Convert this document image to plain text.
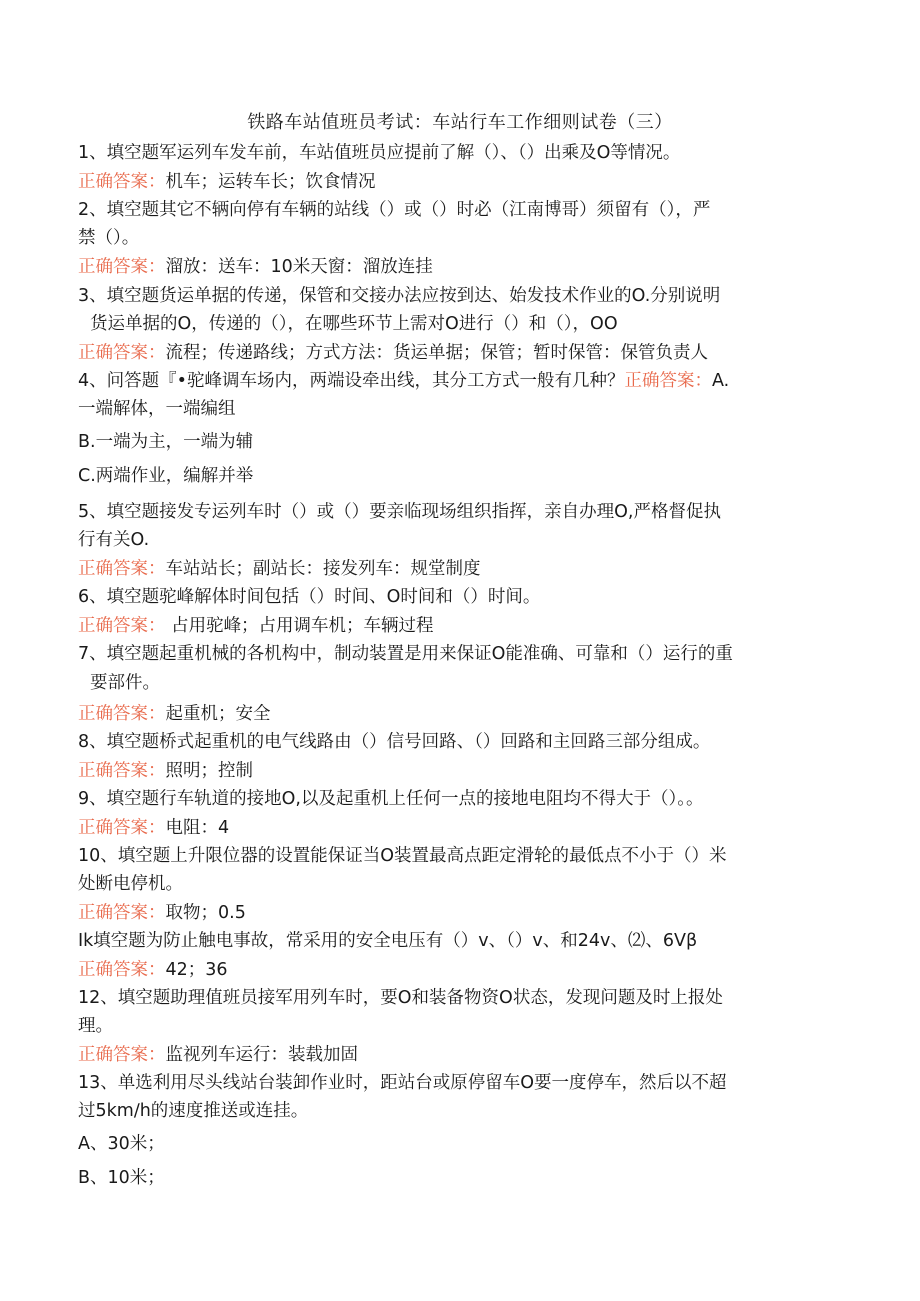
铁路车站值班员考试：车站行车工作细则试卷（三）
1、填空题军运列车发车前，车站值班员应提前了解（）、（）出乘及O等情况。
正确答案：机车；运转车长；饮食情况
2、填空题其它不辆向停有车辆的站线（）或（）时必（江南博哥）须留有（），严
禁（）。
正确答案：溜放：送车：10米天窗：溜放连挂
3、填空题货运单据的传递，保管和交接办法应按到达、始发技术作业的O.分别说明
货运单据的O，传递的（），在哪些环节上需对O进行（）和（），OO
正确答案：流程；传递路线；方式方法：货运单据；保管；暂时保管：保管负责人
4、问答题『•驼峰调车场内，两端设牵出线，其分工方式一般有几种？正确答案：A.
一端解体，一端编组
B.一端为主，一端为辅
C.两端作业，编解并举
5、填空题接发专运列车时（）或（）要亲临现场组织指挥，亲自办理O,严格督促执
行有关O.
正确答案：车站站长；副站长：接发列车：规堂制度
6、填空题驼峰解体时间包括（）时间、O时间和（）时间。
正确答案： 占用驼峰；占用调车机；车辆过程
7、填空题起重机械的各机构中，制动装置是用来保证O能准确、可靠和（）运行的重
要部件。
正确答案：起重机；安全
8、填空题桥式起重机的电气线路由（）信号回路、（）回路和主回路三部分组成。
正确答案：照明；控制
9、填空题行车轨道的接地O,以及起重机上任何一点的接地电阻均不得大于（）。。
正确答案：电阻：4
10、填空题上升限位器的设置能保证当O装置最高点距定滑轮的最低点不小于（）米
处断电停机。
正确答案：取物；0.5
Ik填空题为防止触电事故，常采用的安全电压有（）v、（）v、和24v、⑵、6Vβ
正确答案：42；36
12、填空题助理值班员接军用列车时，要O和装备物资O状态，发现问题及时上报处
理。
正确答案：监视列车运行：装载加固
13、单选利用尽头线站台装卸作业时，距站台或原停留车O要一度停车，然后以不超
过5km∕h的速度推送或连挂。
A、30米；
B、10米；
